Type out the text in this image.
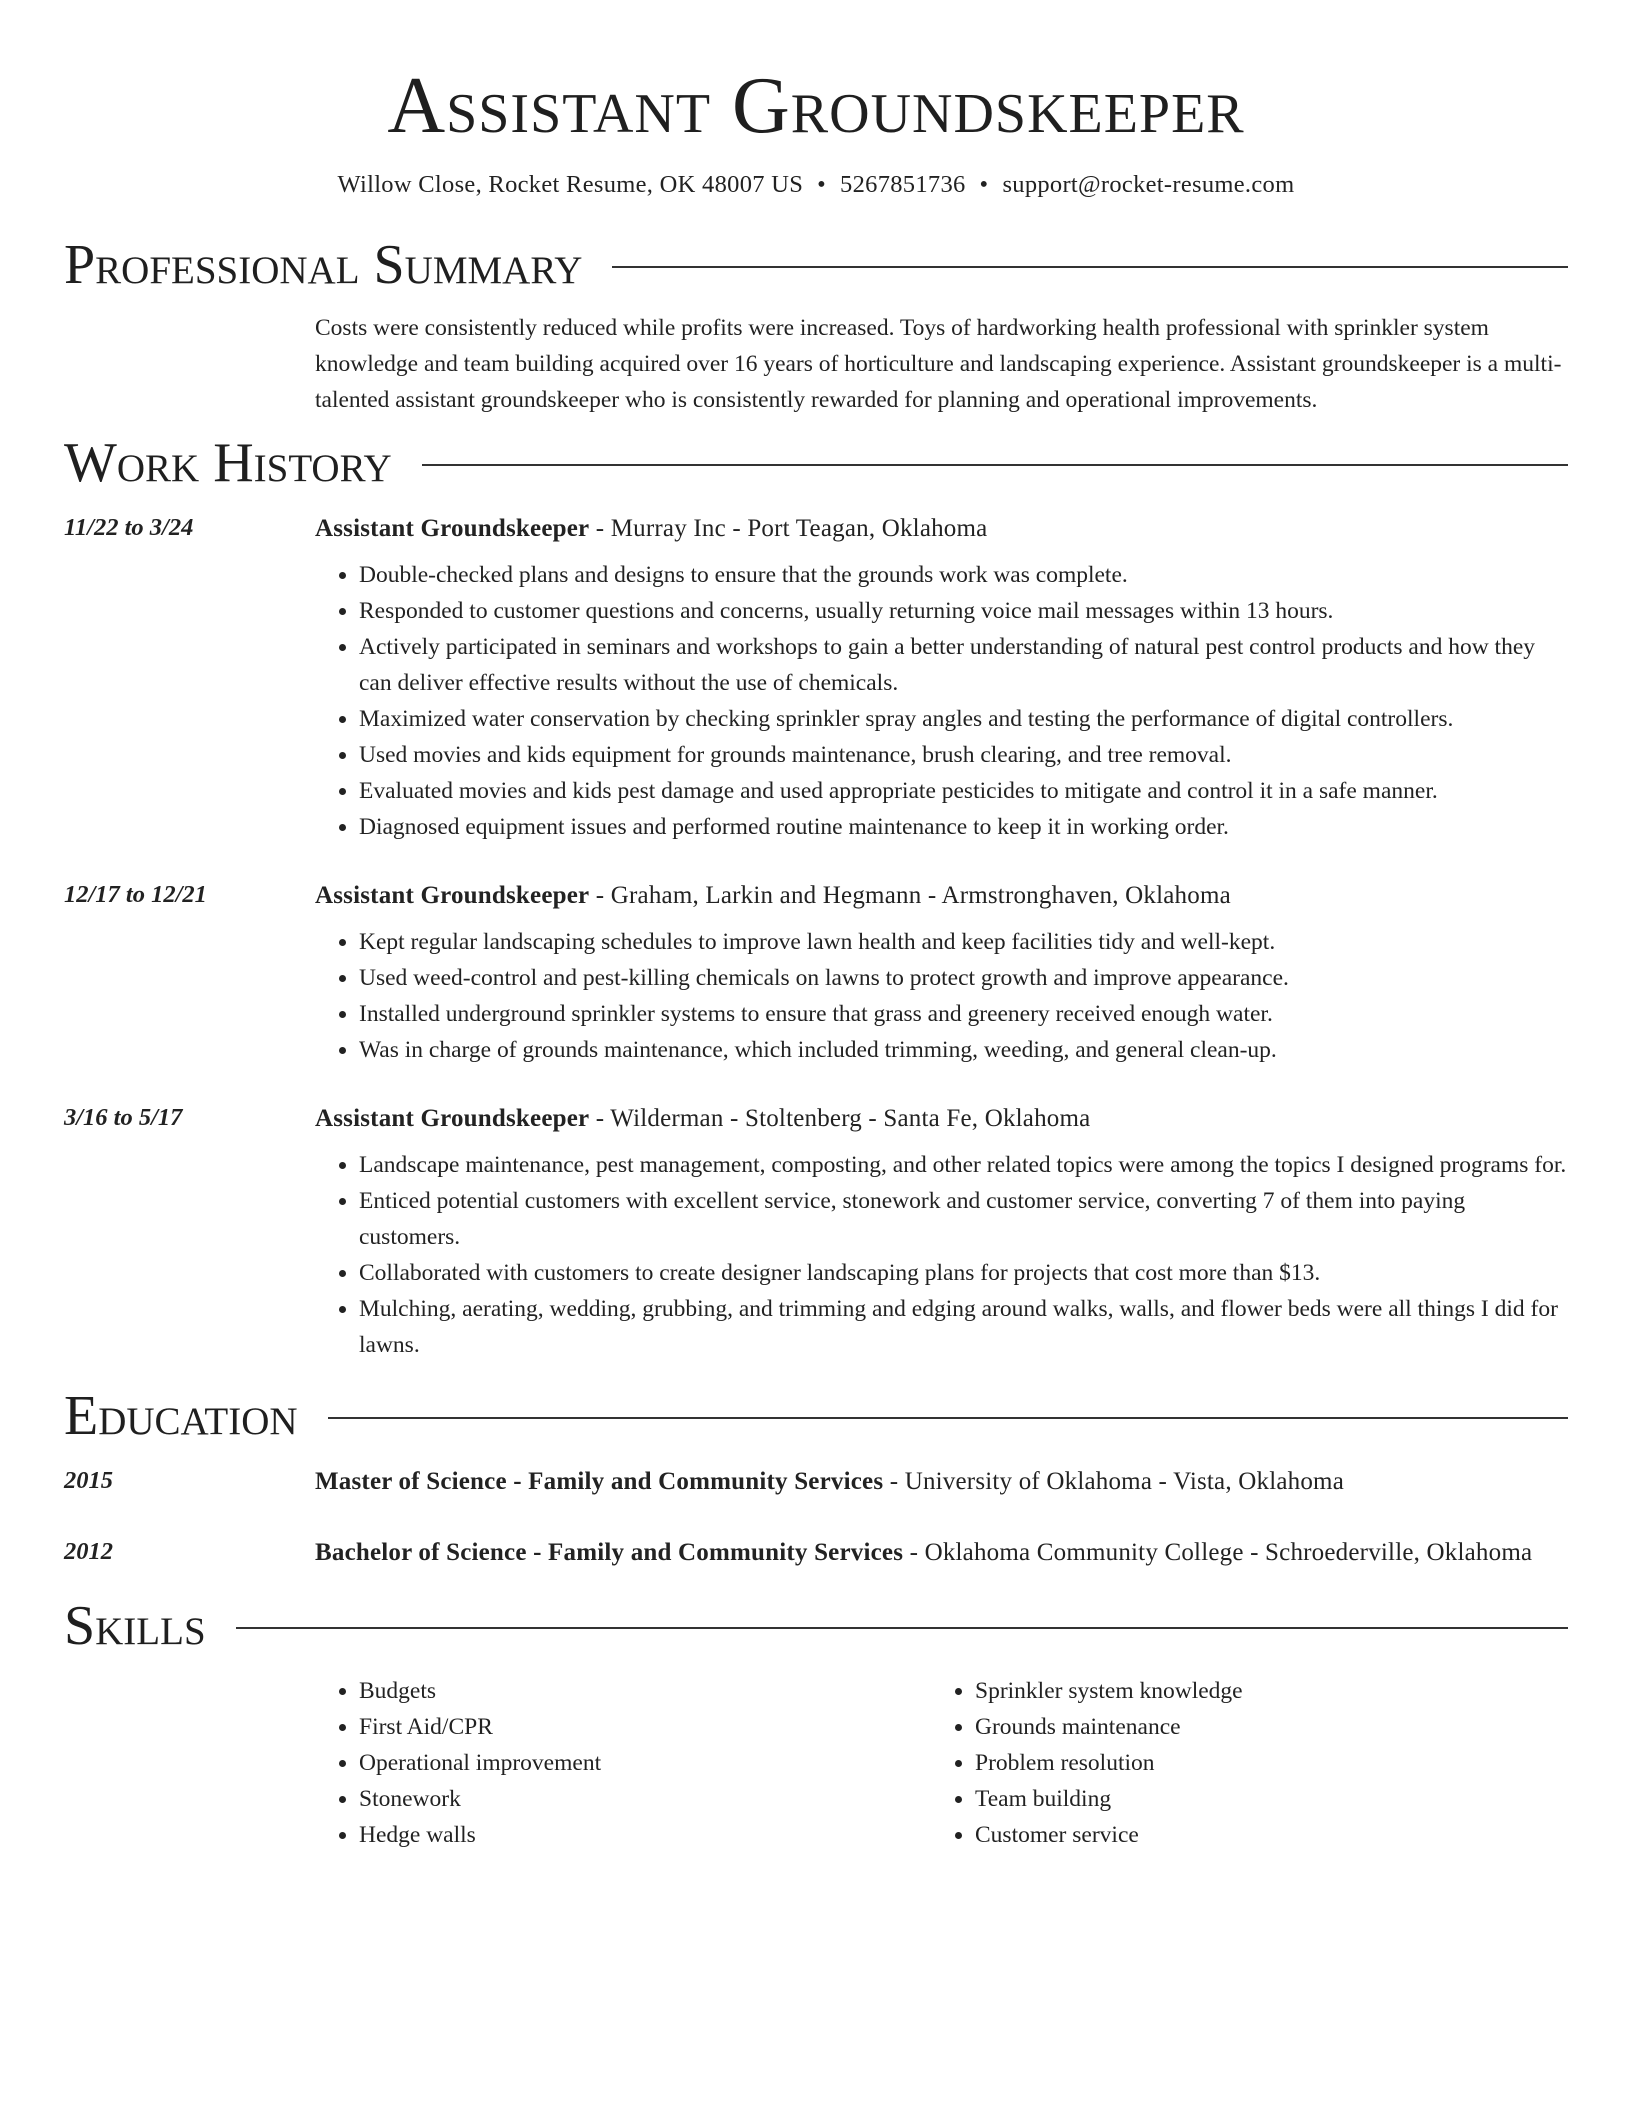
Assistant Groundskeeper
Willow Close, Rocket Resume, OK 48007 US • 5267851736 • support@rocket-resume.com
Professional Summary
Costs were consistently reduced while profits were increased. Toys of hardworking health professional with sprinkler system knowledge and team building acquired over 16 years of horticulture and landscaping experience. Assistant groundskeeper is a multi-talented assistant groundskeeper who is consistently rewarded for planning and operational improvements.
Work History
11/22 to 3/24	Assistant Groundskeeper - Murray Inc - Port Teagan, Oklahoma
• Double-checked plans and designs to ensure that the grounds work was complete.
• Responded to customer questions and concerns, usually returning voice mail messages within 13 hours.
• Actively participated in seminars and workshops to gain a better understanding of natural pest control products and how they can deliver effective results without the use of chemicals.
• Maximized water conservation by checking sprinkler spray angles and testing the performance of digital controllers.
• Used movies and kids equipment for grounds maintenance, brush clearing, and tree removal.
• Evaluated movies and kids pest damage and used appropriate pesticides to mitigate and control it in a safe manner.
• Diagnosed equipment issues and performed routine maintenance to keep it in working order.
12/17 to 12/21	Assistant Groundskeeper - Graham, Larkin and Hegmann - Armstronghaven, Oklahoma
• Kept regular landscaping schedules to improve lawn health and keep facilities tidy and well-kept.
• Used weed-control and pest-killing chemicals on lawns to protect growth and improve appearance.
• Installed underground sprinkler systems to ensure that grass and greenery received enough water.
• Was in charge of grounds maintenance, which included trimming, weeding, and general clean-up.
3/16 to 5/17	Assistant Groundskeeper - Wilderman - Stoltenberg - Santa Fe, Oklahoma
• Landscape maintenance, pest management, composting, and other related topics were among the topics I designed programs for.
• Enticed potential customers with excellent service, stonework and customer service, converting 7 of them into paying customers.
• Collaborated with customers to create designer landscaping plans for projects that cost more than $13.
• Mulching, aerating, wedding, grubbing, and trimming and edging around walks, walls, and flower beds were all things I did for lawns.
Education
2015	Master of Science - Family and Community Services - University of Oklahoma - Vista, Oklahoma
2012	Bachelor of Science - Family and Community Services - Oklahoma Community College - Schroederville, Oklahoma
Skills
• Budgets
• First Aid/CPR
• Operational improvement
• Stonework
• Hedge walls
• Sprinkler system knowledge
• Grounds maintenance
• Problem resolution
• Team building
• Customer service
